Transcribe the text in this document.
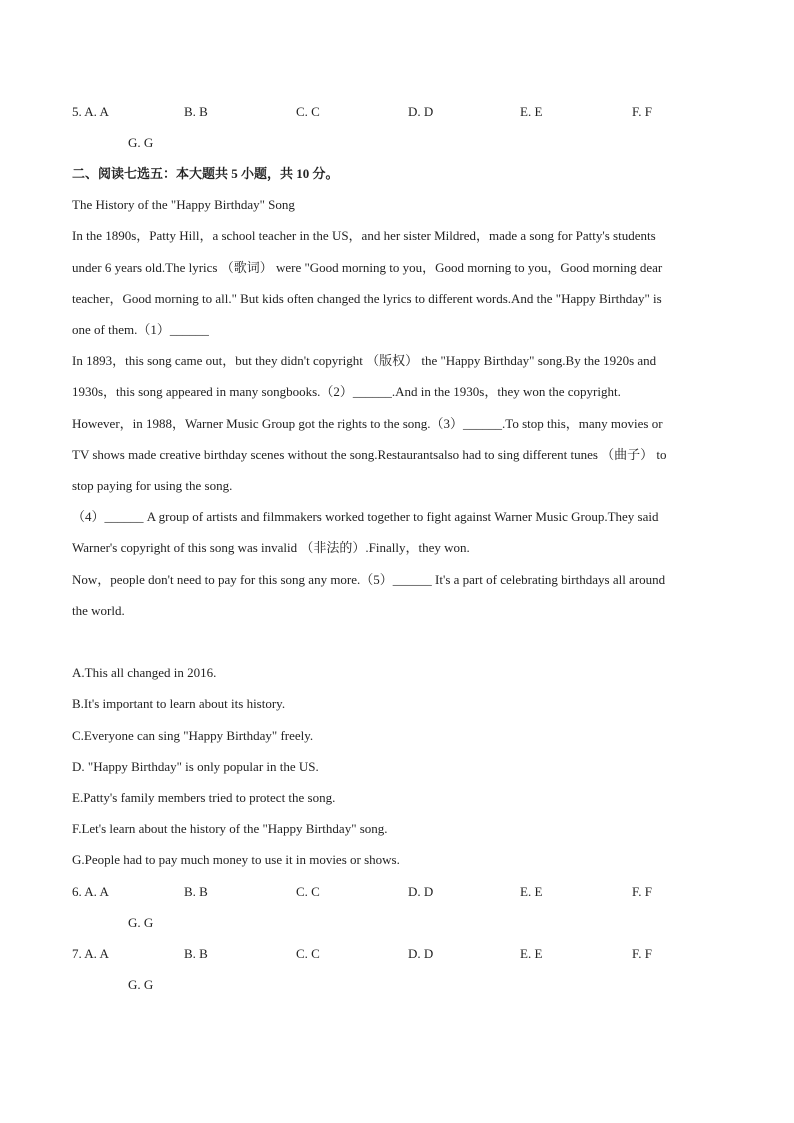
5. A. A	B. B	C. C	D. D	E. E	F. F
G. G
二、阅读七选五：本大题共 5 小题，共 10 分。
The History of the "Happy Birthday" Song
In the 1890s，Patty Hill，a school teacher in the US，and her sister Mildred，made a song for Patty's students
under 6 years old.The lyrics （歌词） were "Good morning to you，Good morning to you，Good morning dear
teacher，Good morning to all." But kids often changed the lyrics to different words.And the "Happy Birthday" is
one of them.（1）______
In 1893，this song came out，but they didn't copyright （版权） the "Happy Birthday" song.By the 1920s and
1930s，this song appeared in many songbooks.（2）______.And in the 1930s，they won the copyright.
However，in 1988，Warner Music Group got the rights to the song.（3）______.To stop this，many movies or
TV shows made creative birthday scenes without the song.Restaurantsalso had to sing different tunes （曲子） to
stop paying for using the song.
（4）______ A group of artists and filmmakers worked together to fight against Warner Music Group.They said
Warner's copyright of this song was invalid （非法的）.Finally，they won.
Now，people don't need to pay for this song any more.（5）______ It's a part of celebrating birthdays all around
the world.
A.This all changed in 2016.
B.It's important to learn about its history.
C.Everyone can sing "Happy Birthday" freely.
D. "Happy Birthday" is only popular in the US.
E.Patty's family members tried to protect the song.
F.Let's learn about the history of the "Happy Birthday" song.
G.People had to pay much money to use it in movies or shows.
6. A. A	B. B	C. C	D. D	E. E	F. F
G. G
7. A. A	B. B	C. C	D. D	E. E	F. F
G. G
